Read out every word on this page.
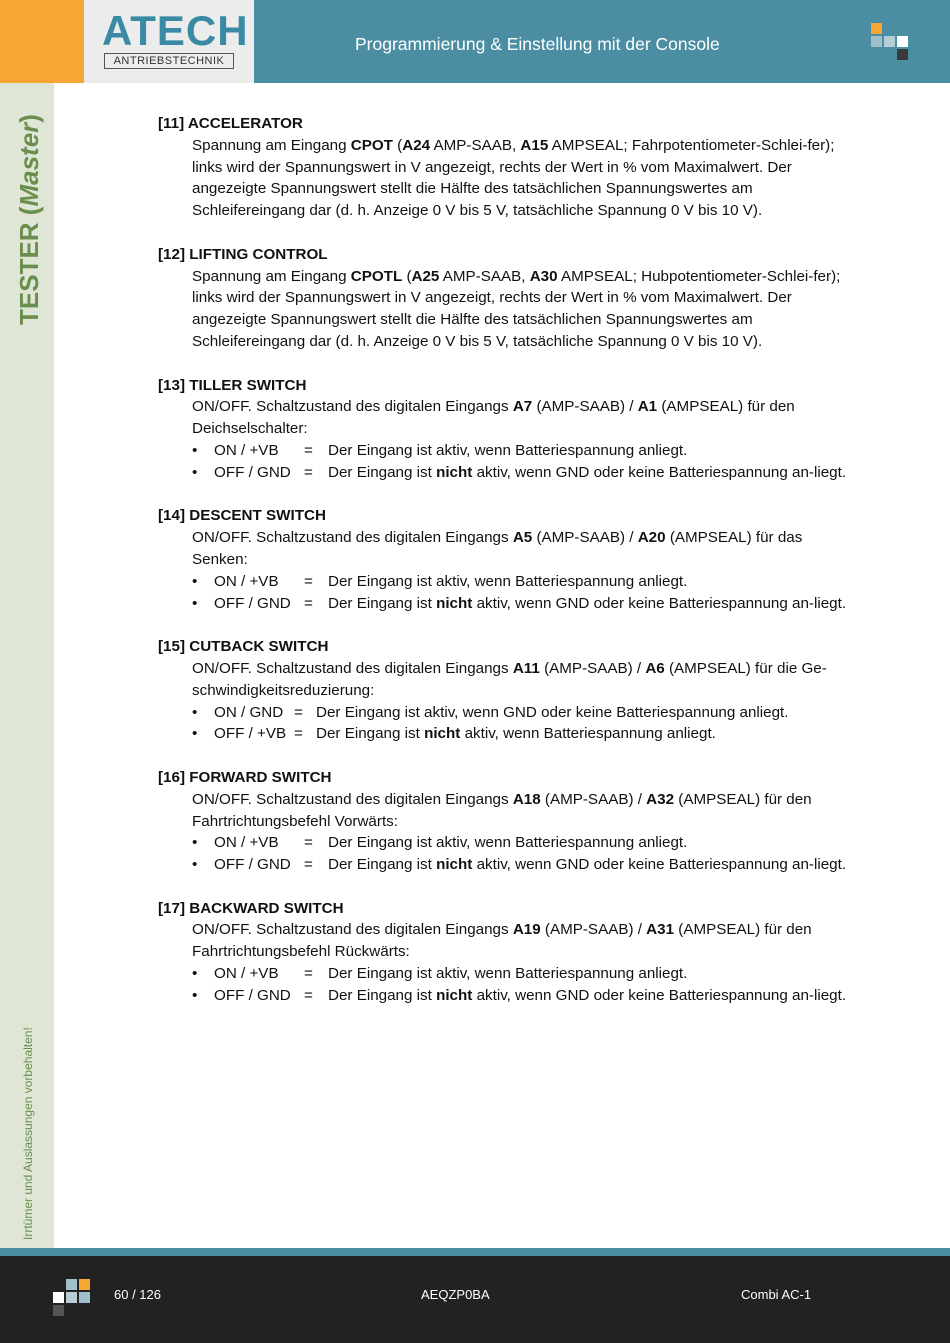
ATECH
ANTRIEBSTECHNIK
Programmierung & Einstellung mit der Console
TESTER (Master)
Irrtümer und Auslassungen vorbehalten!
[11] ACCELERATOR
Spannung am Eingang CPOT (A24 AMP-SAAB, A15 AMPSEAL; Fahrpotentiometer-Schlei-fer); links wird der Spannungswert in V angezeigt, rechts der Wert in % vom Maximalwert. Der angezeigte Spannungswert stellt die Hälfte des tatsächlichen Spannungswertes am Schleifereingang dar (d. h. Anzeige 0 V bis 5 V, tatsächliche Spannung 0 V bis 10 V).
[12] LIFTING CONTROL
Spannung am Eingang CPOTL (A25 AMP-SAAB, A30 AMPSEAL; Hubpotentiometer-Schlei-fer); links wird der Spannungswert in V angezeigt, rechts der Wert in % vom Maximalwert. Der angezeigte Spannungswert stellt die Hälfte des tatsächlichen Spannungswertes am Schleifereingang dar (d. h. Anzeige 0 V bis 5 V, tatsächliche Spannung 0 V bis 10 V).
[13] TILLER SWITCH
ON/OFF. Schaltzustand des digitalen Eingangs A7 (AMP-SAAB) / A1 (AMPSEAL) für den Deichselschalter:
•
ON / +VB	= Der Eingang ist aktiv, wenn Batteriespannung anliegt.
•
OFF / GND = Der Eingang ist nicht aktiv, wenn GND oder keine Batteriespannung an-liegt.
[14] DESCENT SWITCH
ON/OFF. Schaltzustand des digitalen Eingangs A5 (AMP-SAAB) / A20 (AMPSEAL) für das Senken:
•
ON / +VB	= Der Eingang ist aktiv, wenn Batteriespannung anliegt.
•
OFF / GND = Der Eingang ist nicht aktiv, wenn GND oder keine Batteriespannung an-liegt.
[15] CUTBACK SWITCH
ON/OFF. Schaltzustand des digitalen Eingangs A11 (AMP-SAAB) / A6 (AMPSEAL) für die Ge-schwindigkeitsreduzierung:
•
ON / GND = Der Eingang ist aktiv, wenn GND oder keine Batteriespannung anliegt.
•
OFF / +VB = Der Eingang ist nicht aktiv, wenn Batteriespannung anliegt.
[16] FORWARD SWITCH
ON/OFF. Schaltzustand des digitalen Eingangs A18 (AMP-SAAB) / A32 (AMPSEAL) für den Fahrtrichtungsbefehl Vorwärts:
•
ON / +VB	= Der Eingang ist aktiv, wenn Batteriespannung anliegt.
•
OFF / GND = Der Eingang ist nicht aktiv, wenn GND oder keine Batteriespannung an-liegt.
[17] BACKWARD SWITCH
ON/OFF. Schaltzustand des digitalen Eingangs A19 (AMP-SAAB) / A31 (AMPSEAL) für den Fahrtrichtungsbefehl Rückwärts:
•
ON / +VB	= Der Eingang ist aktiv, wenn Batteriespannung anliegt.
•
OFF / GND = Der Eingang ist nicht aktiv, wenn GND oder keine Batteriespannung an-liegt.
60 / 126	AEQZP0BA	Combi AC-1
